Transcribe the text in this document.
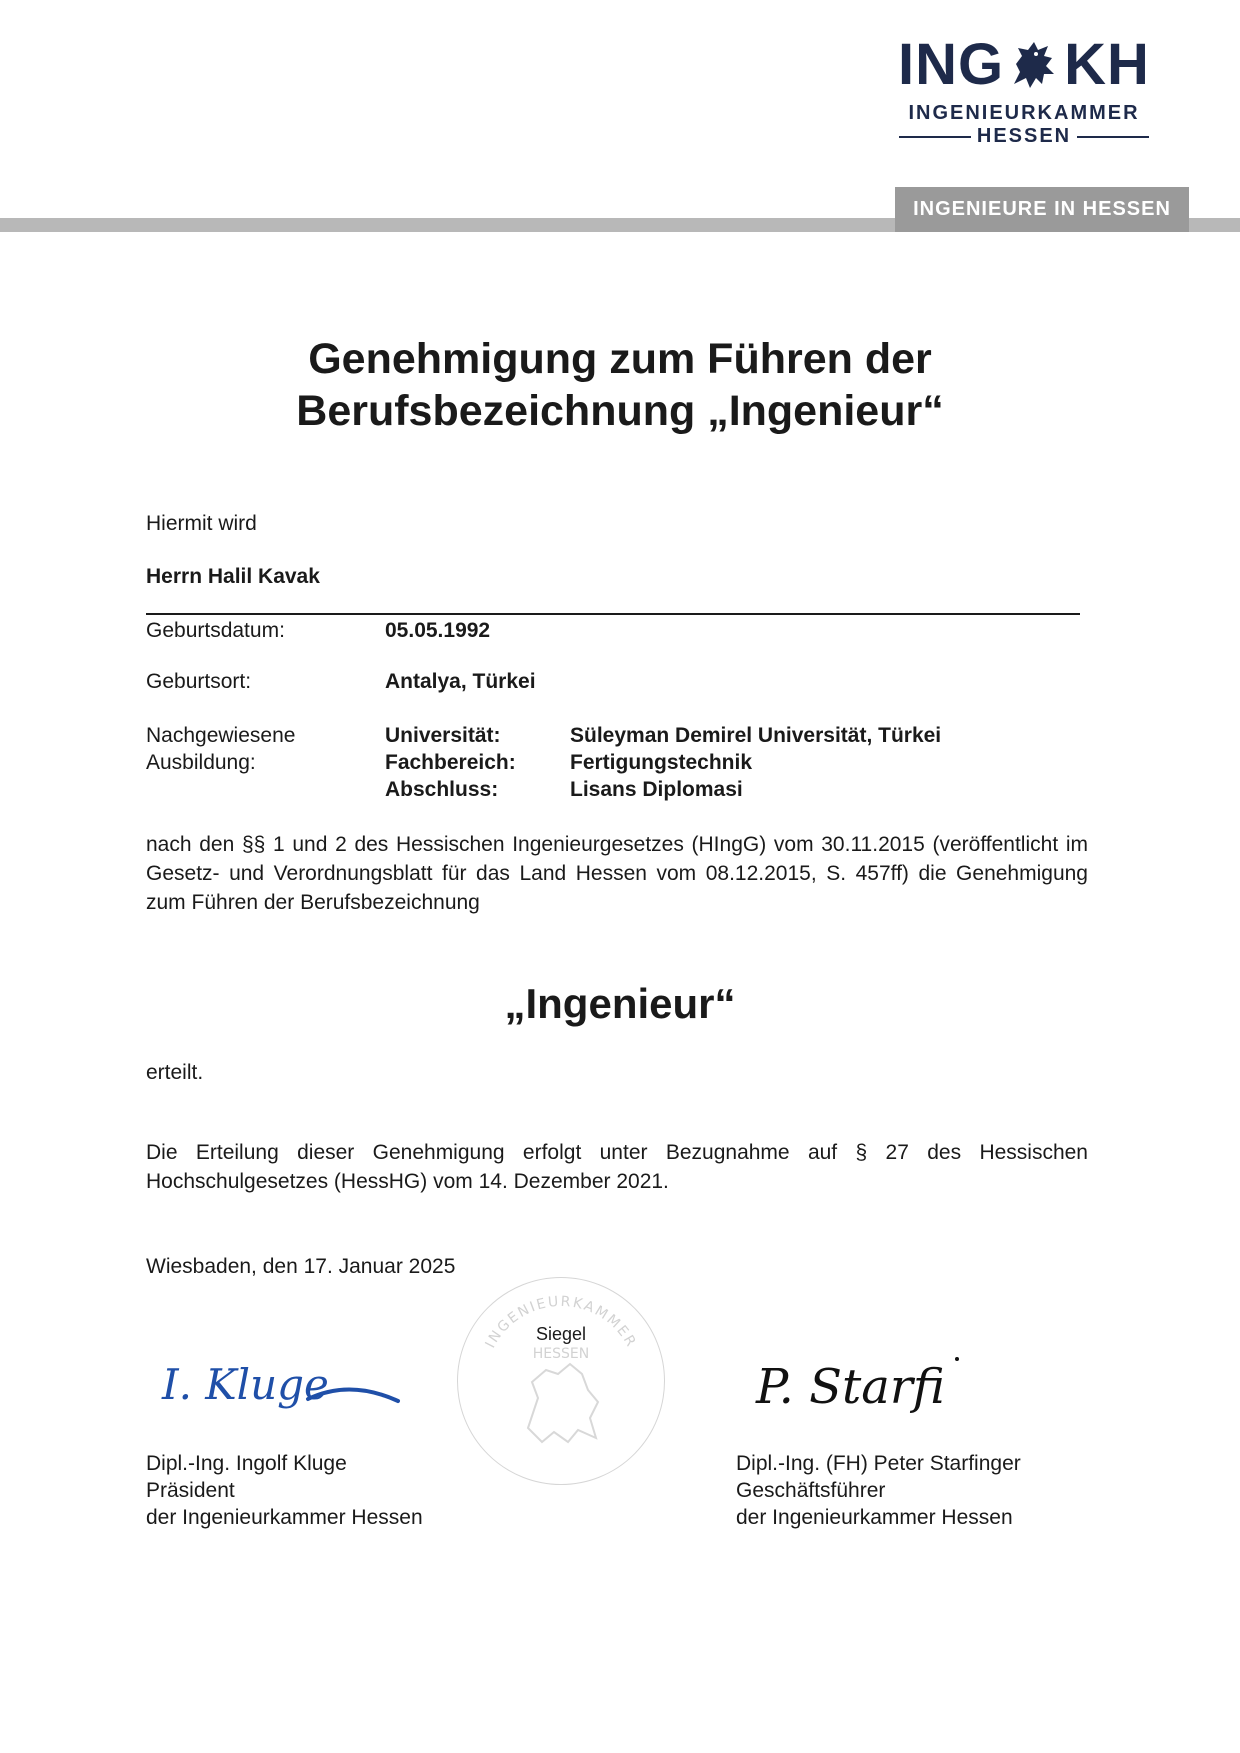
ING KH
INGENIEURKAMMER
HESSEN
INGENIEURE IN HESSEN
Genehmigung zum Führen der
Berufsbezeichnung „Ingenieur“
Hiermit wird
Herrn Halil Kavak
Geburtsdatum:	05.05.1992
Geburtsort:	Antalya, Türkei
Nachgewiesene
Ausbildung:
Universität:
Fachbereich:
Abschluss:
Süleyman Demirel Universität, Türkei
Fertigungstechnik
Lisans Diplomasi
nach den §§ 1 und 2 des Hessischen Ingenieurgesetzes (HIngG) vom 30.11.2015 (veröffentlicht im Gesetz- und Verordnungsblatt für das Land Hessen vom 08.12.2015, S. 457ff) die Genehmigung zum Führen der Berufsbezeichnung
„Ingenieur“
erteilt.
Die Erteilung dieser Genehmigung erfolgt unter Bezugnahme auf § 27 des Hessischen Hochschulgesetzes (HessHG) vom 14. Dezember 2021.
Wiesbaden, den 17. Januar 2025
INGENIEURKAMMER
HESSEN
Siegel
I. Kluge
Dipl.-Ing. Ingolf Kluge
Präsident
der Ingenieurkammer Hessen
P. Starfi
Dipl.-Ing. (FH) Peter Starfinger
Geschäftsführer
der Ingenieurkammer Hessen
